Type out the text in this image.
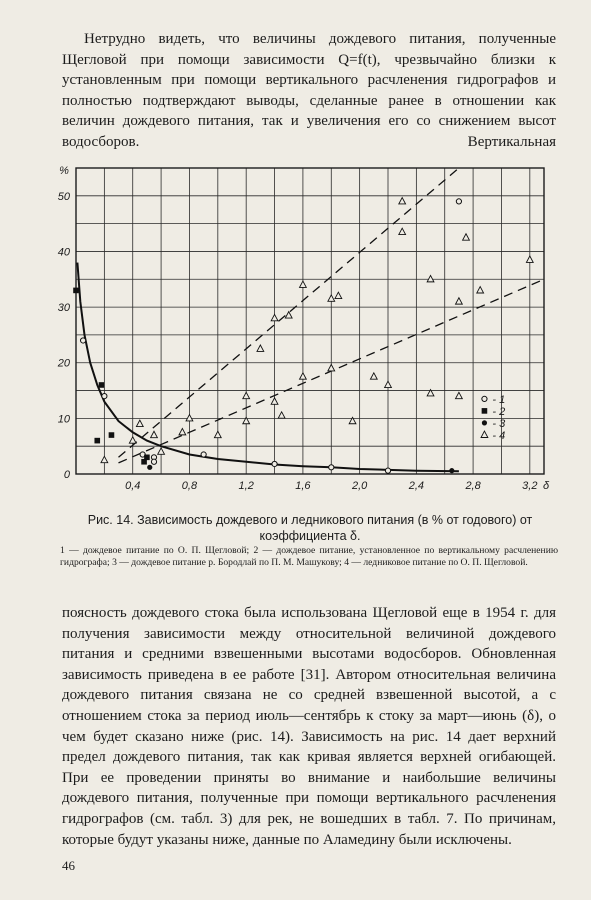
Нетрудно видеть, что величины дождевого питания, полученные Щегловой при помощи зависимости Q=f(t), чрезвычайно близки к установленным при помощи вертикального расчленения гидрографов и полностью подтверждают выводы, сделанные ранее в отношении как величин дождевого питания, так и увеличения его со снижением высот водосборов. Вертикальная

%
0
10
20
30
40
50
0,4	0,8	1,2	1,6	2,0	2,4	2,8	3,2 δ
- 1
- 2
- 3
- 4

Рис. 14. Зависимость дождевого и ледникового питания (в % от годового) от коэффициента δ.

1 — дождевое питание по О. П. Щегловой; 2 — дождевое питание, установленное по вертикальному расчленению гидрографа; 3 — дождевое питание р. Бородлай по П. М. Машукову; 4 — ледниковое питание по О. П. Щегловой.

поясность дождевого стока была использована Щегловой еще в 1954 г. для получения зависимости между относительной величиной дождевого питания и средними взвешенными высотами водосборов. Обновленная зависимость приведена в ее работе [31]. Автором относительная величина дождевого питания связана не со средней взвешенной высотой, а с отношением стока за период июль—сентябрь к стоку за март—июнь (δ), о чем будет сказано ниже (рис. 14). Зависимость на рис. 14 дает верхний предел дождевого питания, так как кривая является верхней огибающей. При ее проведении приняты во внимание и наибольшие величины дождевого питания, полученные при помощи вертикального расчленения гидрографов (см. табл. 3) для рек, не вошедших в табл. 7. По причинам, которые будут указаны ниже, данные по Аламедину были исключены.

46
